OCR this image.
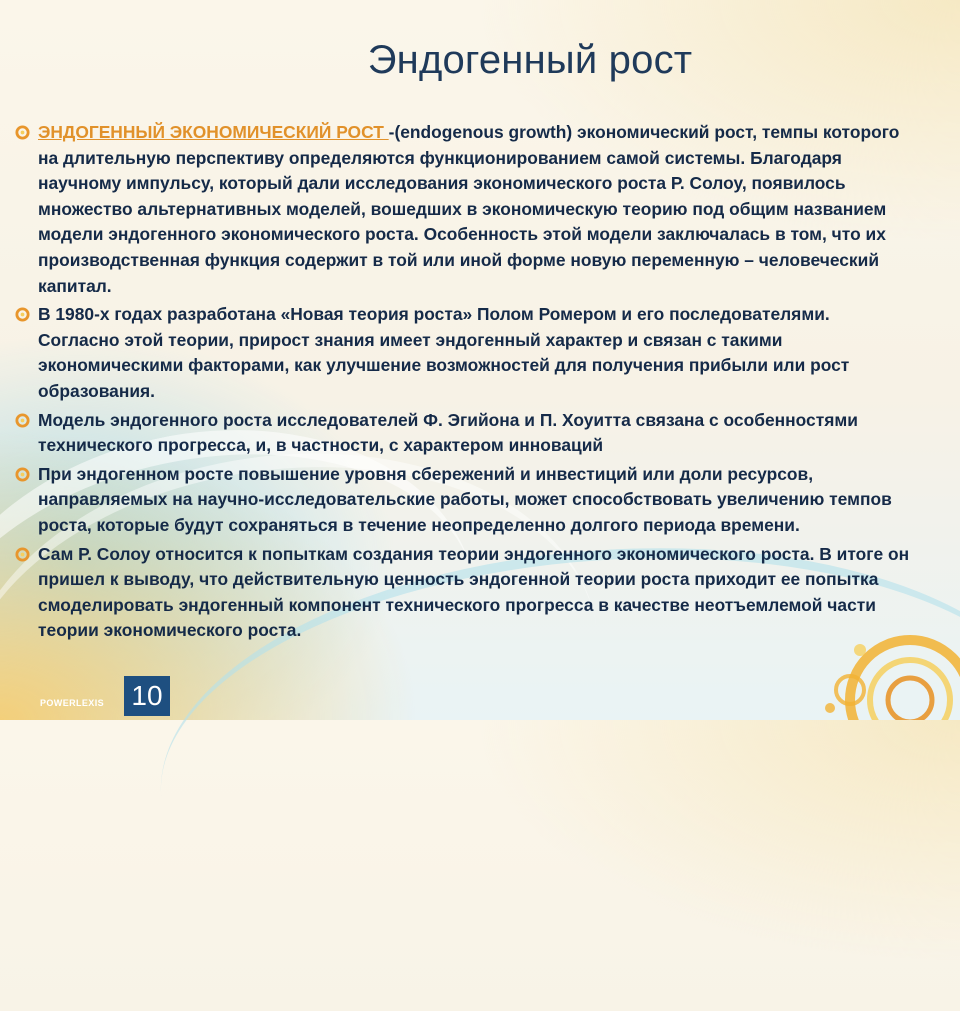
Эндогенный рост
ЭНДОГЕННЫЙ ЭКОНОМИЧЕСКИЙ РОСТ -(endogenous growth) экономический рост, темпы которого на длительную перспективу определяются функционированием самой системы. Благодаря научному импульсу, который дали исследования экономического роста Р. Солоу, появилось множество альтернативных моделей, вошедших в экономическую теорию под общим названием модели эндогенного экономического роста. Особенность этой модели заключалась в том, что их производственная функция содержит в той или иной форме новую переменную – человеческий капитал.
В 1980-х годах разработана «Новая теория роста» Полом Ромером и его последователями. Согласно этой теории, прирост знания имеет эндогенный характер и связан с такими экономическими факторами, как улучшение возможностей для получения прибыли или рост образования.
Модель эндогенного роста исследователей Ф. Эгийона и П. Хоуитта связана с особенностями технического прогресса, и, в частности, с характером инноваций
При эндогенном росте повышение уровня сбережений и инвестиций или доли ресурсов, направляемых на научно-исследовательские работы, может способствовать увеличению темпов роста, которые будут сохраняться в течение неопределенно долгого периода времени.
Сам Р. Солоу относится к попыткам создания теории эндогенного экономического роста. В итоге он пришел к выводу, что действительную ценность эндогенной теории роста приходит ее попытка смоделировать эндогенный компонент технического прогресса в качестве неотъемлемой части теории экономического роста.
POWERLEXIS 10
